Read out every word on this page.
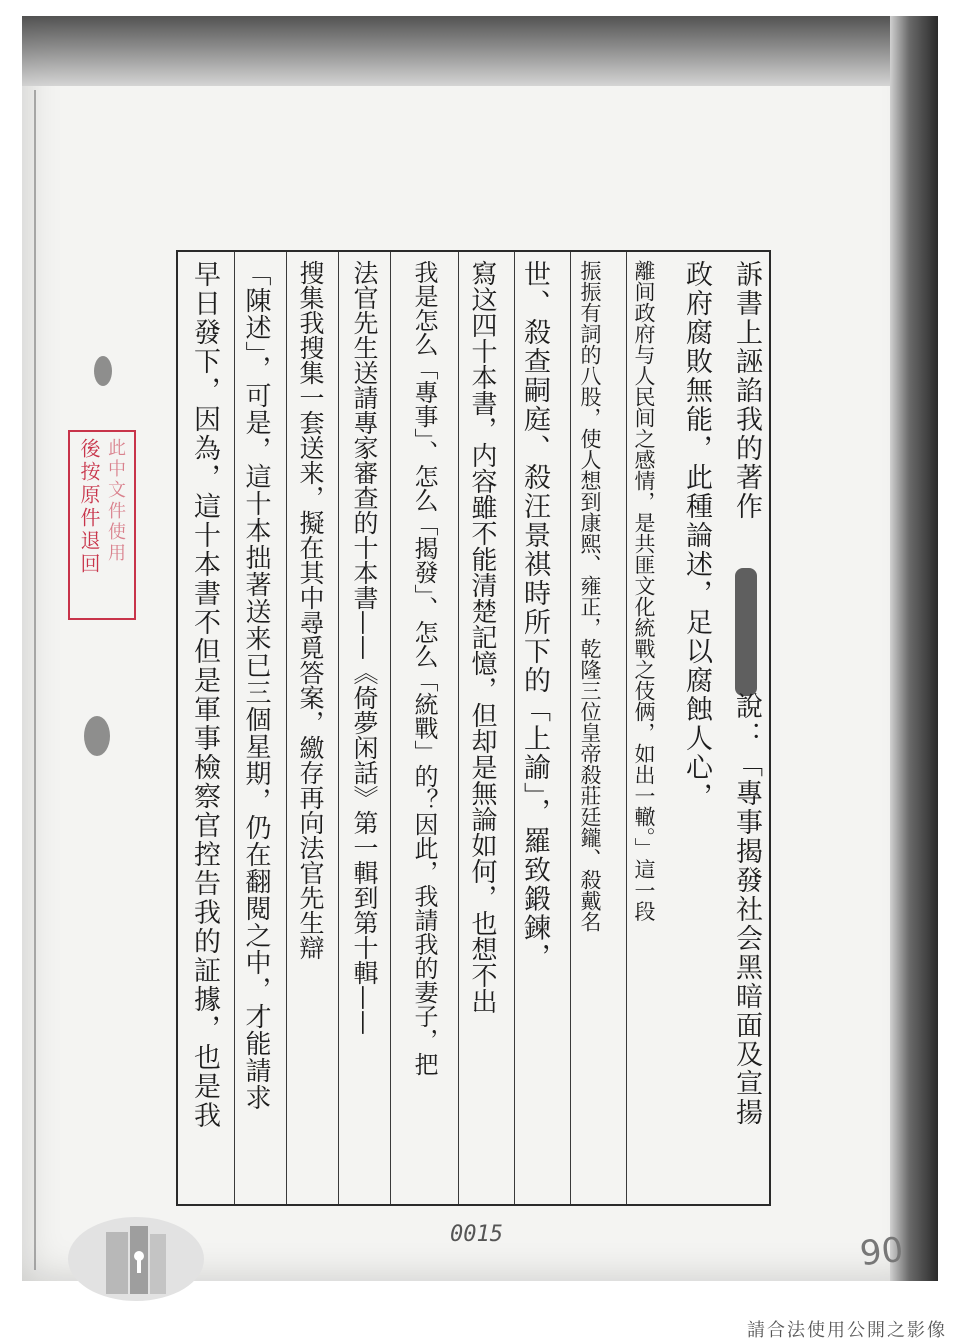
訴書上誣諂我的著作
說：「專事揭發社会黑暗面及宣揚
政府腐敗無能，此種論述，足以腐蝕人心，
離间政府与人民间之感情，是共匪文化統戰之伎俩，如出一轍。」這一段
振振有詞的八股，使人想到康熙、雍正，乾隆三位皇帝殺莊廷鑨、殺戴名
世、殺查嗣庭、殺汪景祺時所下的「上諭」，羅致鍛鍊，
寫这四十本書，内容雖不能清楚記憶，但却是無論如何，也想不出
我是怎么「專事」、怎么「揭發」、怎么「統戰」的？因此，我請我的妻子，把
法官先生送請專家審查的十本書——《倚夢闲話》第一輯到第十輯——
搜集我搜集一套送来，擬在其中尋覓答案，繳存再向法官先生辯
「陳述」，可是，這十本拙著送来已三個星期，仍在翻閱之中，才能請求
早日發下，因為，這十本書不但是軍事檢察官控告我的証據，也是我
此中文件使用
後按原件退回
0015	90
請合法使用公開之影像
